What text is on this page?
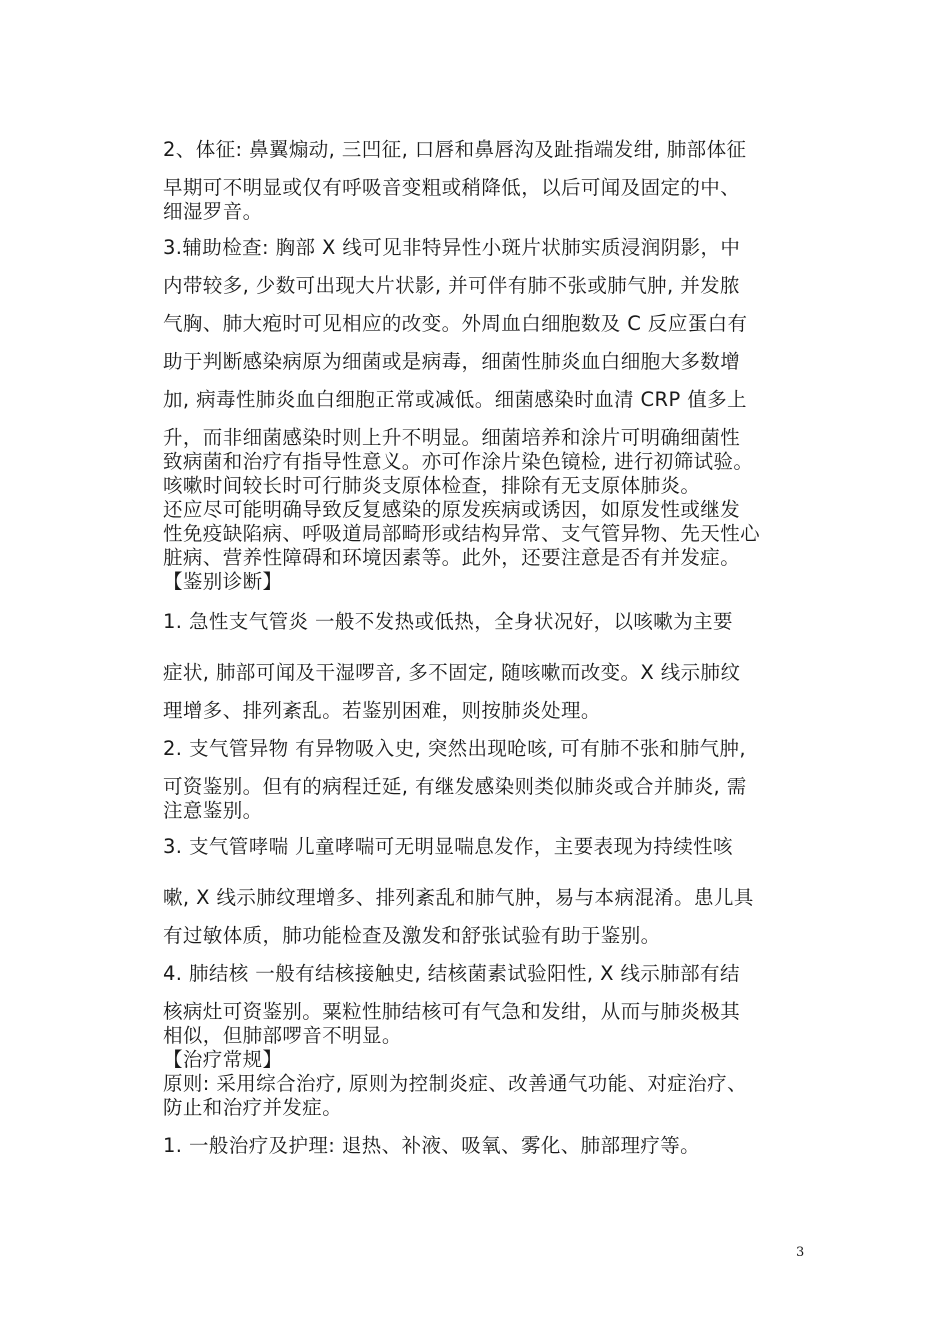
2、体征: 鼻翼煽动, 三凹征, 口唇和鼻唇沟及趾指端发绀, 肺部体征

早期可不明显或仅有呼吸音变粗或稍降低，以后可闻及固定的中、

细湿罗音。

3.辅助检查: 胸部 X 线可见非特异性小斑片状肺实质浸润阴影，中

内带较多, 少数可出现大片状影, 并可伴有肺不张或肺气肿, 并发脓

气胸、肺大疱时可见相应的改变。外周血白细胞数及 C 反应蛋白有

助于判断感染病原为细菌或是病毒，细菌性肺炎血白细胞大多数增

加, 病毒性肺炎血白细胞正常或减低。细菌感染时血清 CRP 值多上

升，而非细菌感染时则上升不明显。细菌培养和涂片可明确细菌性

致病菌和治疗有指导性意义。亦可作涂片染色镜检, 进行初筛试验。

咳嗽时间较长时可行肺炎支原体检查，排除有无支原体肺炎。

还应尽可能明确导致反复感染的原发疾病或诱因，如原发性或继发

性免疫缺陷病、呼吸道局部畸形或结构异常、支气管异物、先天性心

脏病、营养性障碍和环境因素等。此外，还要注意是否有并发症。

【鉴别诊断】

1. 急性支气管炎 一般不发热或低热，全身状况好，以咳嗽为主要

症状, 肺部可闻及干湿啰音, 多不固定, 随咳嗽而改变。X 线示肺纹

理增多、排列紊乱。若鉴别困难，则按肺炎处理。

2. 支气管异物 有异物吸入史, 突然出现呛咳, 可有肺不张和肺气肿,

可资鉴别。但有的病程迁延, 有继发感染则类似肺炎或合并肺炎, 需

注意鉴别。

3. 支气管哮喘 儿童哮喘可无明显喘息发作，主要表现为持续性咳

嗽, X 线示肺纹理增多、排列紊乱和肺气肿，易与本病混淆。患儿具

有过敏体质，肺功能检查及激发和舒张试验有助于鉴别。

4. 肺结核 一般有结核接触史, 结核菌素试验阳性, X 线示肺部有结

核病灶可资鉴别。粟粒性肺结核可有气急和发绀，从而与肺炎极其

相似，但肺部啰音不明显。

【治疗常规】

原则: 采用综合治疗, 原则为控制炎症、改善通气功能、对症治疗、

防止和治疗并发症。

1. 一般治疗及护理: 退热、补液、吸氧、雾化、肺部理疗等。

3
